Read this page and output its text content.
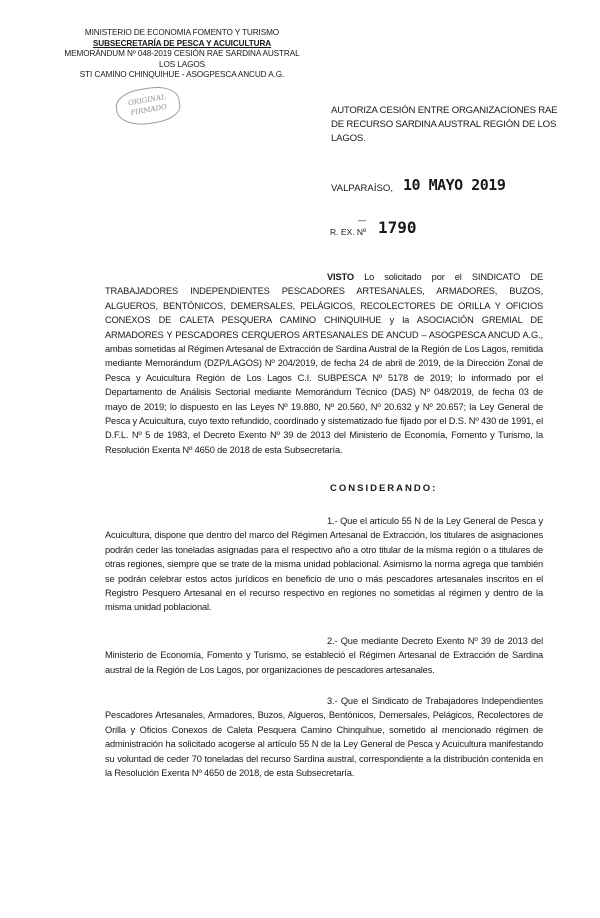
MINISTERIO DE ECONOMIA FOMENTO Y TURISMO
SUBSECRETARÍA DE PESCA Y ACUICULTURA
MEMORÁNDUM Nº 048-2019 CESIÓN RAE SARDINA AUSTRAL LOS LAGOS
STI CAMINO CHINQUIHUE - ASOGPESCA ANCUD A.G.
ORIGINAL FIRMADO	AUTORIZA CESIÓN ENTRE ORGANIZACIONES RAE DE RECURSO SARDINA AUSTRAL REGIÓN DE LOS LAGOS.
VALPARAÍSO, 10 MAYO 2019
R. EX. Nº
— 1790
VISTO Lo solicitado por el SINDICATO DE TRABAJADORES INDEPENDIENTES PESCADORES ARTESANALES, ARMADORES, BUZOS, ALGUEROS, BENTÓNICOS, DEMERSALES, PELÁGICOS, RECOLECTORES DE ORILLA Y OFICIOS CONEXOS DE CALETA PESQUERA CAMINO CHINQUIHUE y la ASOCIACIÓN GREMIAL DE ARMADORES Y PESCADORES CERQUEROS ARTESANALES DE ANCUD – ASOGPESCA ANCUD A.G., ambas sometidas al Régimen Artesanal de Extracción de Sardina Austral de la Región de Los Lagos, remitida mediante Memorándum (DZP/LAGOS) Nº 204/2019, de fecha 24 de abril de 2019, de la Dirección Zonal de Pesca y Acuicultura Región de Los Lagos C.I. SUBPESCA Nº 5178 de 2019; lo informado por el Departamento de Análisis Sectorial mediante Memorándum Técnico (DAS) Nº 048/2019, de fecha 03 de mayo de 2019; lo dispuesto en las Leyes Nº 19.880, Nº 20.560, Nº 20.632 y Nº 20.657; la Ley General de Pesca y Acuicultura, cuyo texto refundido, coordinado y sistematizado fue fijado por el D.S. Nº 430 de 1991, el D.F.L. Nº 5 de 1983, el Decreto Exento Nº 39 de 2013 del Ministerio de Economía, Fomento y Turismo, la Resolución Exenta Nº 4650 de 2018 de esta Subsecretaría.
CONSIDERANDO:
1.- Que el artículo 55 N de la Ley General de Pesca y Acuicultura, dispone que dentro del marco del Régimen Artesanal de Extracción, los titulares de asignaciones podrán ceder las toneladas asignadas para el respectivo año a otro titular de la misma región o a titulares de otras regiones, siempre que se trate de la misma unidad poblacional. Asimismo la norma agrega que también se podrán celebrar estos actos jurídicos en beneficio de uno o más pescadores artesanales inscritos en el Registro Pesquero Artesanal en el recurso respectivo en regiones no sometidas al régimen y dentro de la misma unidad poblacional.
2.- Que mediante Decreto Exento Nº 39 de 2013 del Ministerio de Economía, Fomento y Turismo, se estableció el Régimen Artesanal de Extracción de Sardina austral de la Región de Los Lagos, por organizaciones de pescadores artesanales.
3.- Que el Sindicato de Trabajadores Independientes Pescadores Artesanales, Armadores, Buzos, Algueros, Bentónicos, Demersales, Pelágicos, Recolectores de Orilla y Oficios Conexos de Caleta Pesquera Camino Chinquihue, sometido al mencionado régimen de administración ha solicitado acogerse al artículo 55 N de la Ley General de Pesca y Acuicultura manifestando su voluntad de ceder 70 toneladas del recurso Sardina austral, correspondiente a la distribución contenida en la Resolución Exenta Nº 4650 de 2018, de esta Subsecretaría.
